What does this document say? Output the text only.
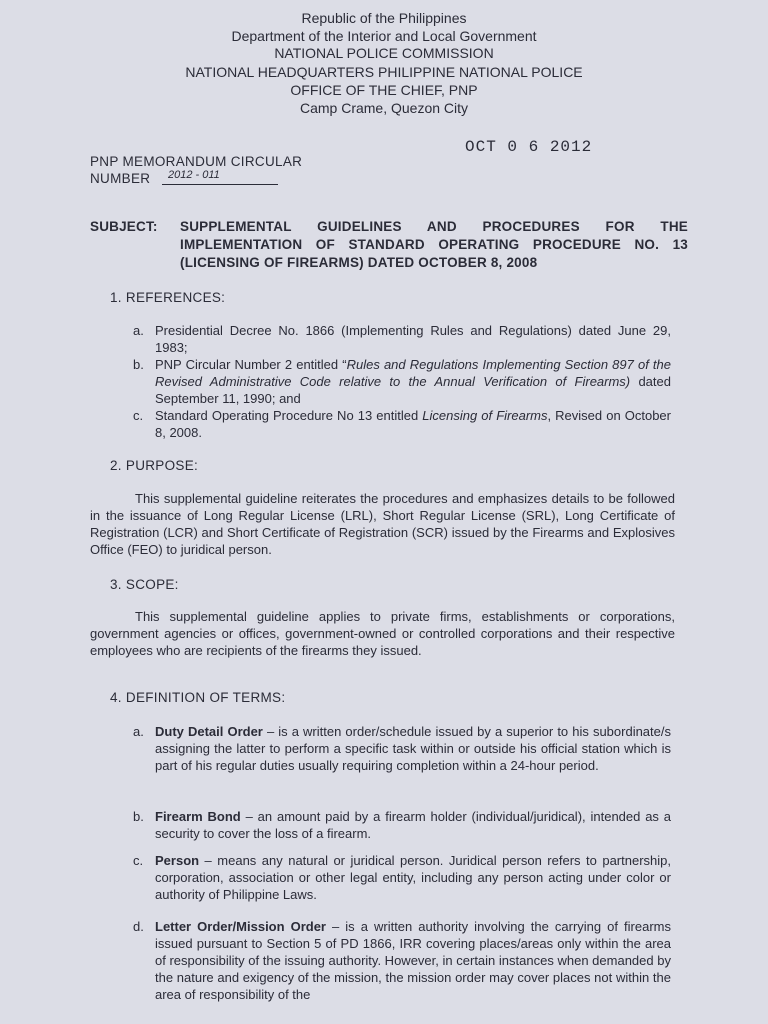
Republic of the Philippines
Department of the Interior and Local Government
NATIONAL POLICE COMMISSION
NATIONAL HEADQUARTERS PHILIPPINE NATIONAL POLICE
OFFICE OF THE CHIEF, PNP
Camp Crame, Quezon City
OCT 0 6 2012
PNP MEMORANDUM CIRCULAR
NUMBER 2012 - 011
SUBJECT: SUPPLEMENTAL GUIDELINES AND PROCEDURES FOR THE IMPLEMENTATION OF STANDARD OPERATING PROCEDURE NO. 13 (LICENSING OF FIREARMS) DATED OCTOBER 8, 2008
1. REFERENCES:
a. Presidential Decree No. 1866 (Implementing Rules and Regulations) dated June 29, 1983;
b. PNP Circular Number 2 entitled “Rules and Regulations Implementing Section 897 of the Revised Administrative Code relative to the Annual Verification of Firearms) dated September 11, 1990; and
c. Standard Operating Procedure No 13 entitled Licensing of Firearms, Revised on October 8, 2008.
2. PURPOSE:
This supplemental guideline reiterates the procedures and emphasizes details to be followed in the issuance of Long Regular License (LRL), Short Regular License (SRL), Long Certificate of Registration (LCR) and Short Certificate of Registration (SCR) issued by the Firearms and Explosives Office (FEO) to juridical person.
3. SCOPE:
This supplemental guideline applies to private firms, establishments or corporations, government agencies or offices, government-owned or controlled corporations and their respective employees who are recipients of the firearms they issued.
4. DEFINITION OF TERMS:
a. Duty Detail Order – is a written order/schedule issued by a superior to his subordinate/s assigning the latter to perform a specific task within or outside his official station which is part of his regular duties usually requiring completion within a 24-hour period.
b. Firearm Bond – an amount paid by a firearm holder (individual/juridical), intended as a security to cover the loss of a firearm.
c. Person – means any natural or juridical person. Juridical person refers to partnership, corporation, association or other legal entity, including any person acting under color or authority of Philippine Laws.
d. Letter Order/Mission Order – is a written authority involving the carrying of firearms issued pursuant to Section 5 of PD 1866, IRR covering places/areas only within the area of responsibility of the issuing authority. However, in certain instances when demanded by the nature and exigency of the mission, the mission order may cover places not within the area of responsibility of the
